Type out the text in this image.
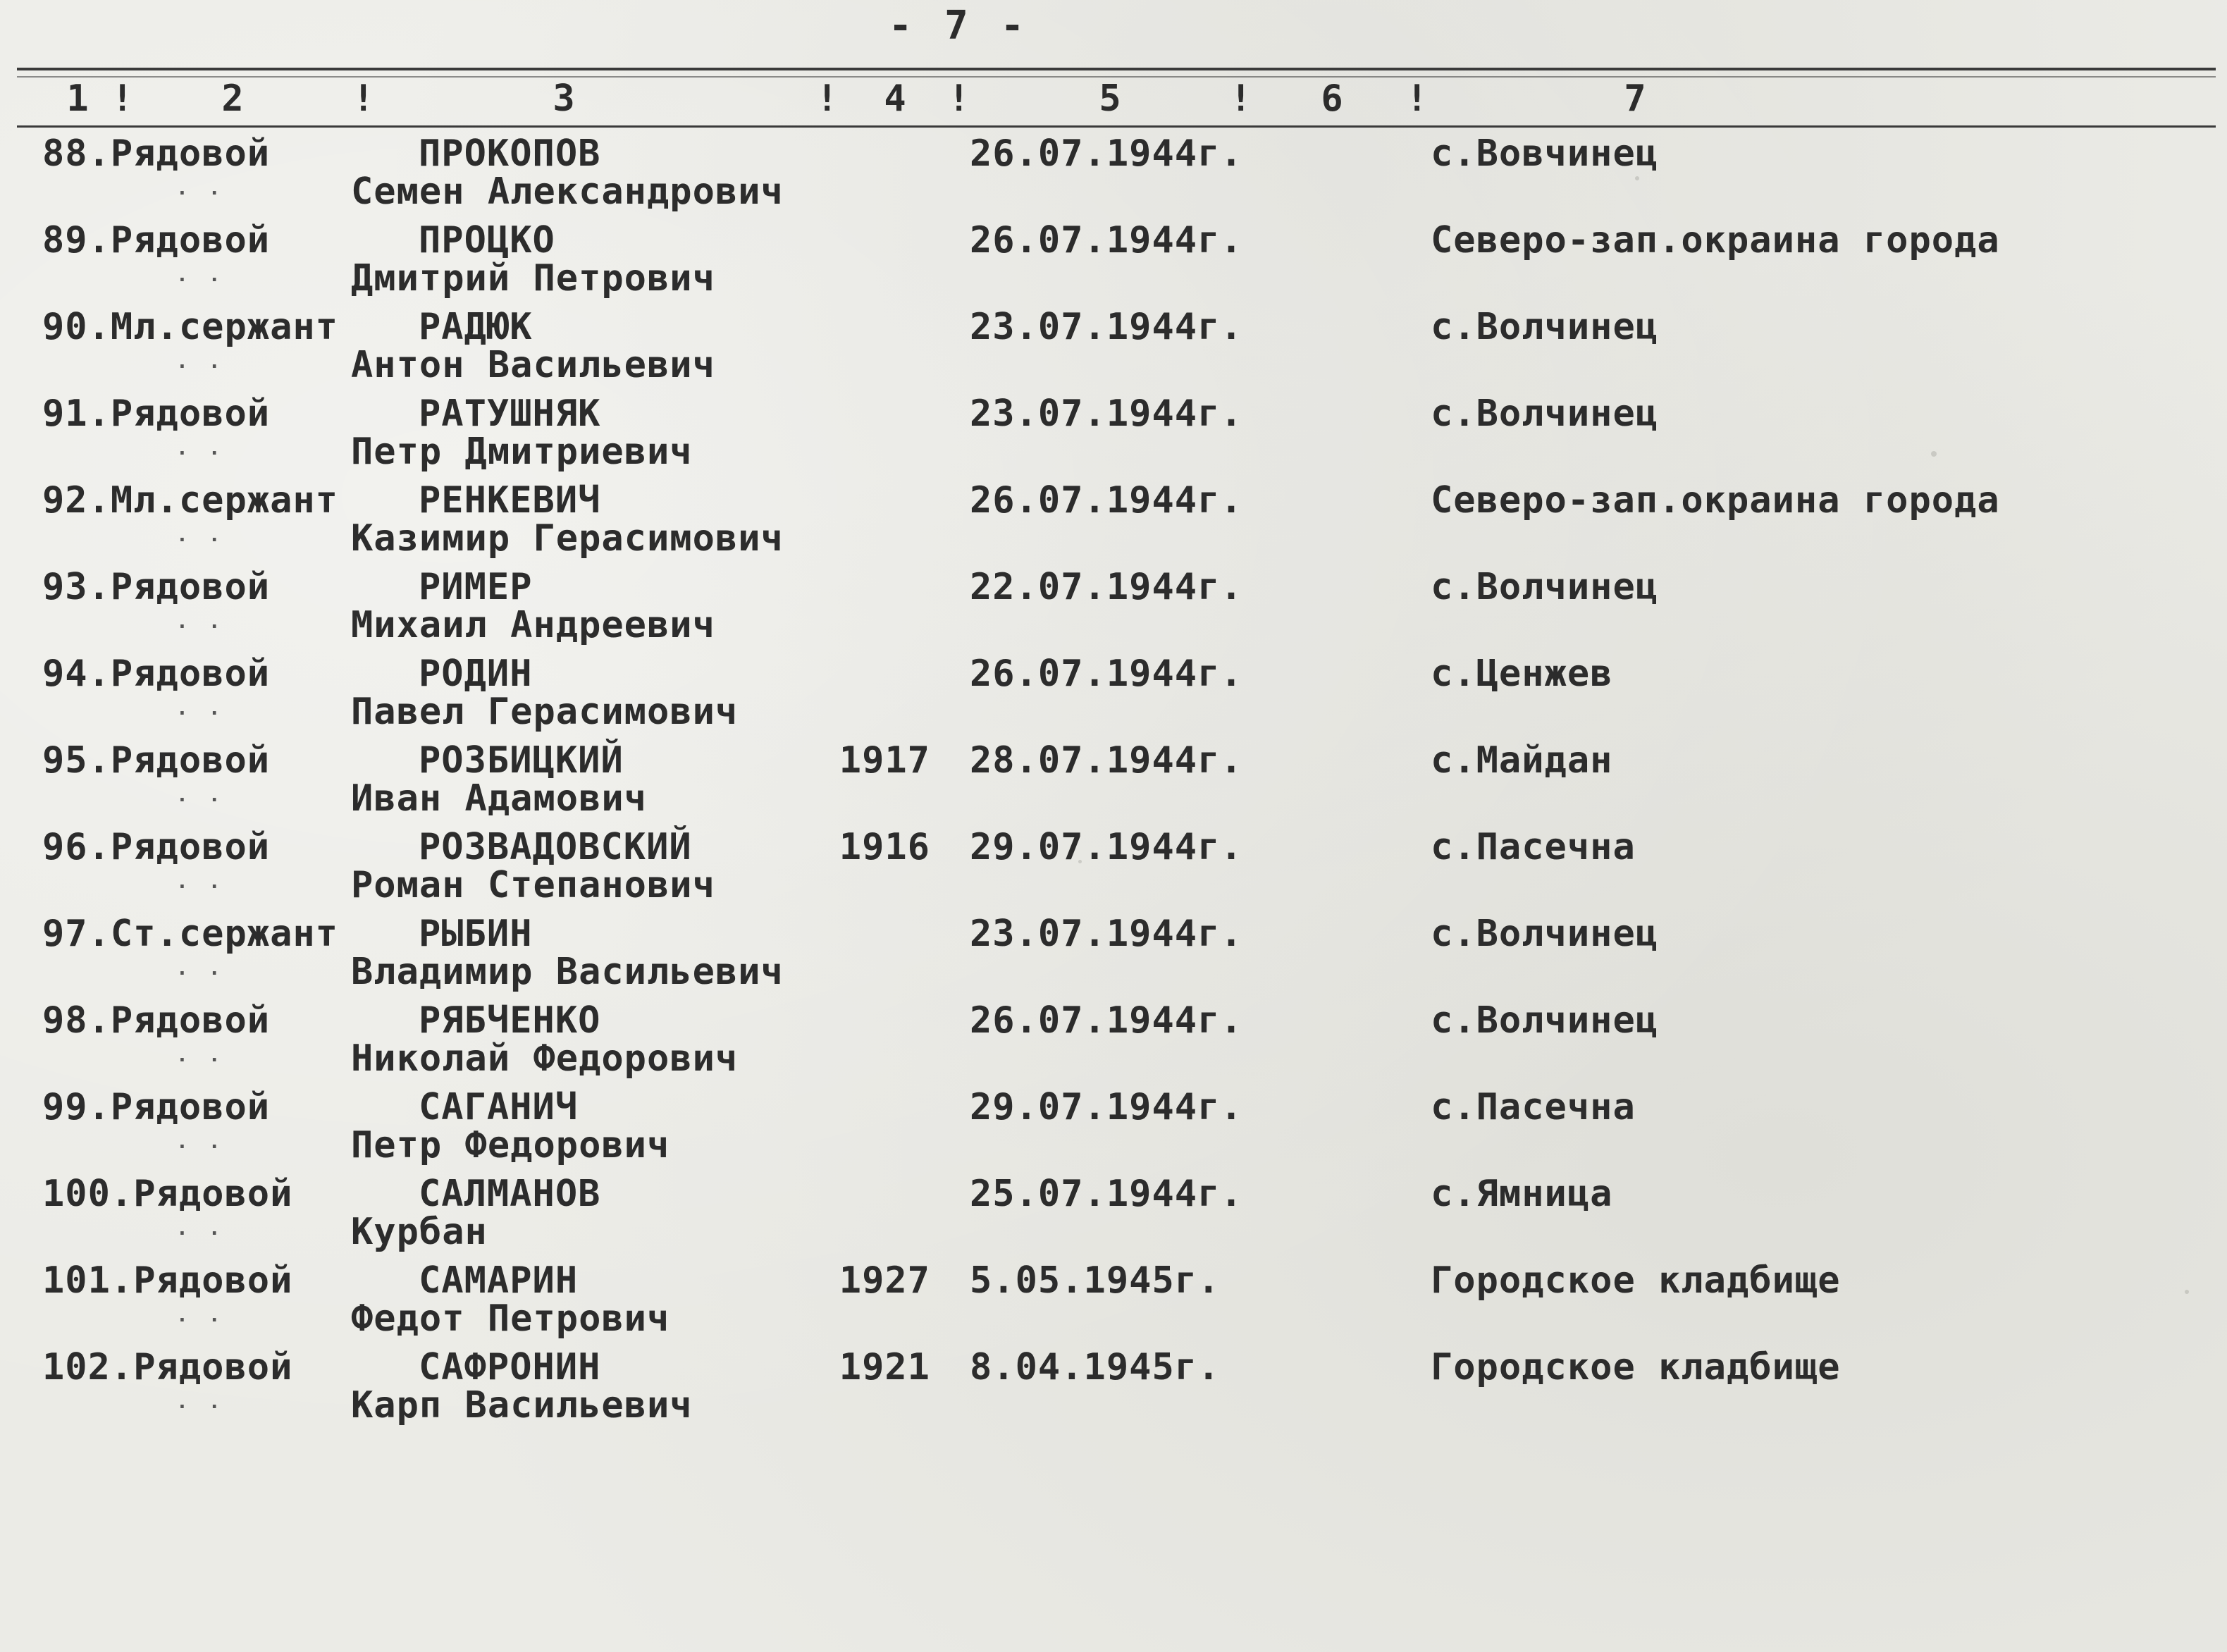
- 7 -
1 ! 2	!	3	! 4 !	5	! 6 !	7
88.Рядовой	ПРОКОПОВ
Семен Александрович
26.07.1944г.	с.Вовчинец
. .
89.Рядовой	ПРОЦКО
Дмитрий Петрович
26.07.1944г.	Северо-зап.окраина города
. .
90.Мл.сержант	РАДЮК
Антон Васильевич
23.07.1944г.	с.Волчинец
. .
91.Рядовой	РАТУШНЯК
Петр Дмитриевич
23.07.1944г.	с.Волчинец
. .
92.Мл.сержант	РЕНКЕВИЧ
Казимир Герасимович
26.07.1944г.	Северо-зап.окраина города
. .
93.Рядовой	РИМЕР
Михаил Андреевич
22.07.1944г.	с.Волчинец
. .
94.Рядовой	РОДИН
Павел Герасимович
26.07.1944г.	с.Ценжев
. .
95.Рядовой	РОЗБИЦКИЙ
Иван Адамович
1917 28.07.1944г.	с.Майдан
. .
96.Рядовой	РОЗВАДОВСКИЙ
Роман Степанович
1916 29.07.1944г.	с.Пасечна
. .
97.Ст.сержант	РЫБИН
Владимир Васильевич
23.07.1944г.	с.Волчинец
. .
98.Рядовой	РЯБЧЕНКО
Николай Федорович
26.07.1944г.	с.Волчинец
. .
99.Рядовой	САГАНИЧ
Петр Федорович
29.07.1944г.	с.Пасечна
. .
100.Рядовой	САЛМАНОВ
Курбан
25.07.1944г.	с.Ямница
. .
101.Рядовой	САМАРИН
Федот Петрович
1927 5.05.1945г.	Городское кладбище
. .
102.Рядовой	САФРОНИН
Карп Васильевич
1921 8.04.1945г.	Городское кладбище
. .
